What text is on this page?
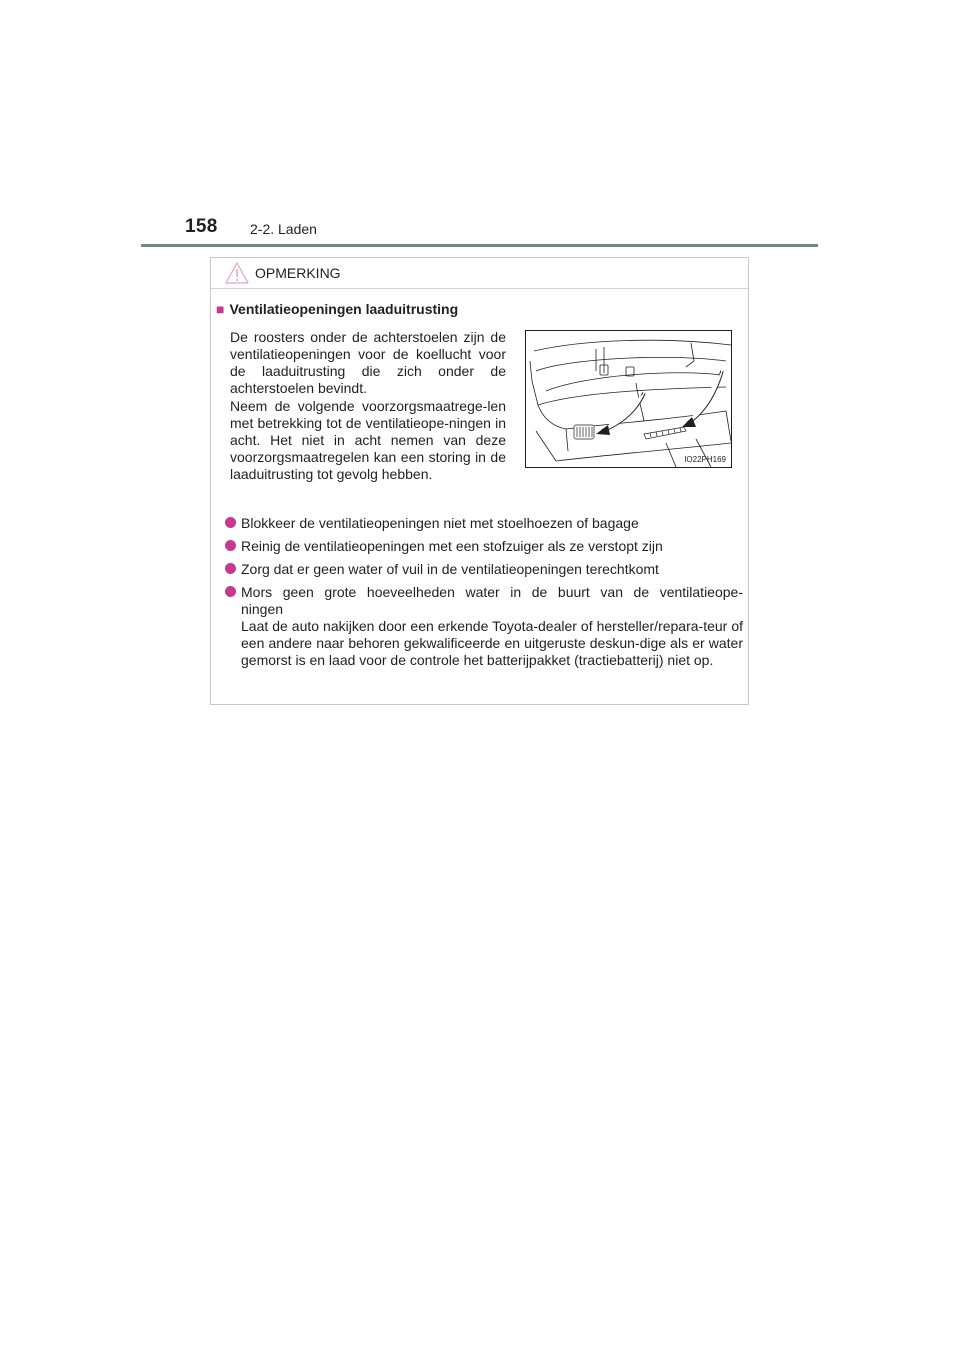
158 2-2. Laden
OPMERKING
■ Ventilatieopeningen laaduitrusting
De roosters onder de achterstoelen zijn de ventilatieopeningen voor de koellucht voor de laaduitrusting die zich onder de achterstoelen bevindt.
Neem de volgende voorzorgsmaatrege-len met betrekking tot de ventilatieope-ningen in acht. Het niet in acht nemen van deze voorzorgsmaatregelen kan een storing in de laaduitrusting tot gevolg hebben.
IO22PH169
Blokkeer de ventilatieopeningen niet met stoelhoezen of bagage
Reinig de ventilatieopeningen met een stofzuiger als ze verstopt zijn
Zorg dat er geen water of vuil in de ventilatieopeningen terechtkomt
Mors geen grote hoeveelheden water in de buurt van de ventilatieope-
ningen
Laat de auto nakijken door een erkende Toyota-dealer of hersteller/repara-teur of een andere naar behoren gekwalificeerde en uitgeruste deskun-dige als er water gemorst is en laad voor de controle het batterijpakket (tractiebatterij) niet op.
